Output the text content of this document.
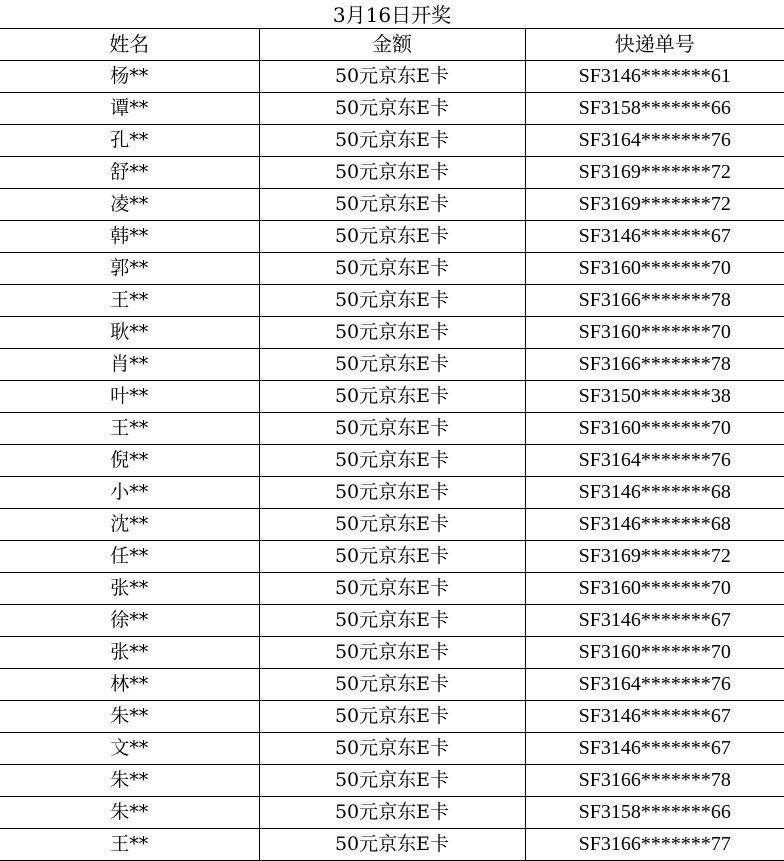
3月16日开奖
姓名	金额	快递单号
杨**	50元京东E卡	SF3146*******61
谭**	50元京东E卡	SF3158*******66
孔**	50元京东E卡	SF3164*******76
舒**	50元京东E卡	SF3169*******72
凌**	50元京东E卡	SF3169*******72
韩**	50元京东E卡	SF3146*******67
郭**	50元京东E卡	SF3160*******70
王**	50元京东E卡	SF3166*******78
耿**	50元京东E卡	SF3160*******70
肖**	50元京东E卡	SF3166*******78
叶**	50元京东E卡	SF3150*******38
王**	50元京东E卡	SF3160*******70
倪**	50元京东E卡	SF3164*******76
小**	50元京东E卡	SF3146*******68
沈**	50元京东E卡	SF3146*******68
任**	50元京东E卡	SF3169*******72
张**	50元京东E卡	SF3160*******70
徐**	50元京东E卡	SF3146*******67
张**	50元京东E卡	SF3160*******70
林**	50元京东E卡	SF3164*******76
朱**	50元京东E卡	SF3146*******67
文**	50元京东E卡	SF3146*******67
朱**	50元京东E卡	SF3166*******78
朱**	50元京东E卡	SF3158*******66
王**	50元京东E卡	SF3166*******77
